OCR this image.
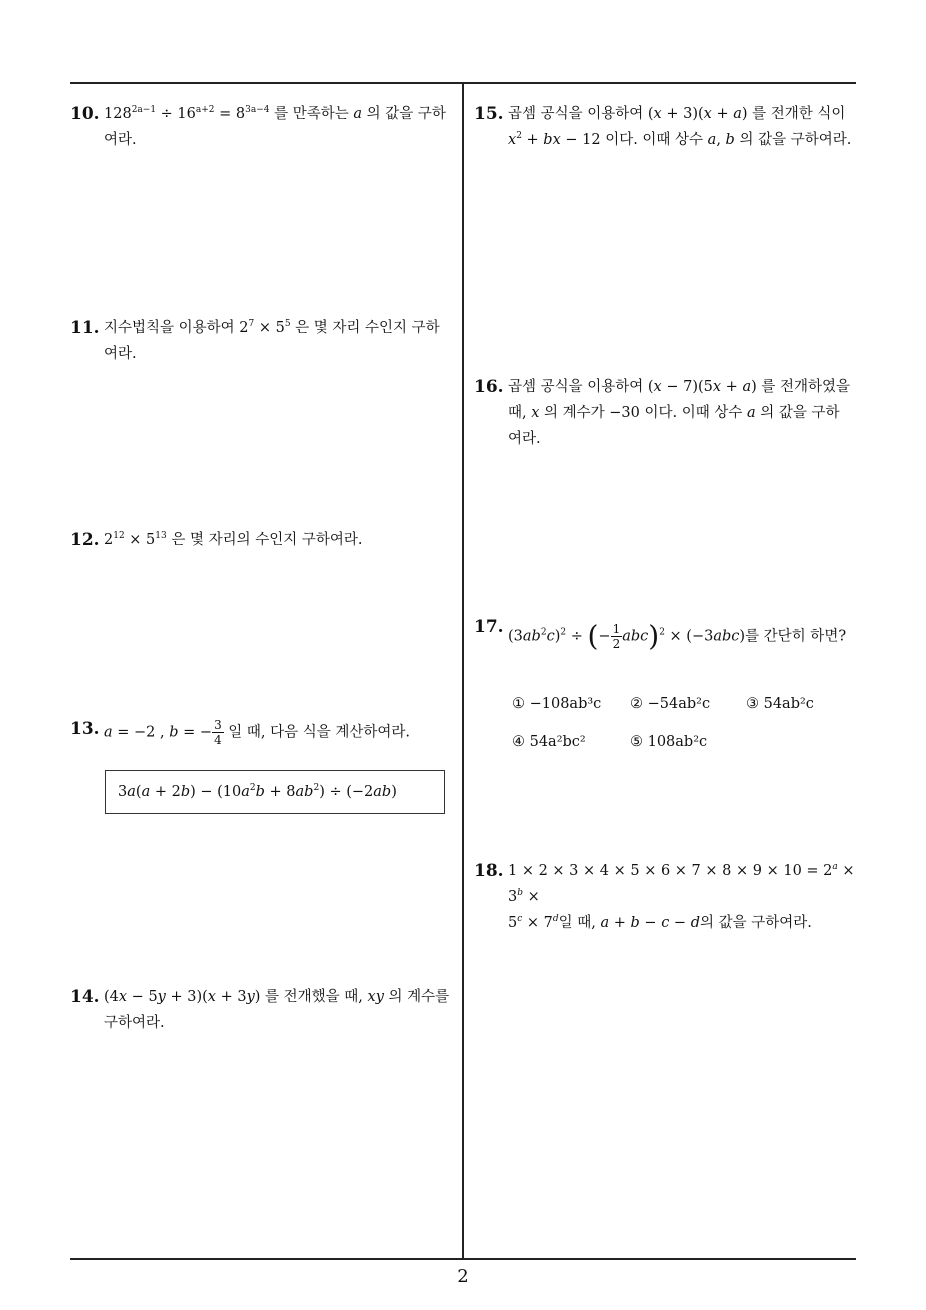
10. $128^{2a-1} \div 16^{a+2} = 8^{3a-4}$ 를 만족하는 a 의 값을 구하
여라.
11. 지수법칙을 이용하여 $2^7 \times 5^5$ 은 몇 자리 수인지 구하
여라.
12. $2^{12} \times 5^{13}$ 은 몇 자리의 수인지 구하여라.
13. a = −2 , b = − $\frac{3}{4}$ 일 때, 다음 식을 계산하여라.
$3a(a + 2b) - (10a^2b + 8ab^2) \div (-2ab)$
14. (4x − 5y + 3)(x + 3y) 를 전개했을 때, xy 의 계수를
구하여라.
15. 곱셈 공식을 이용하여 (x + 3)(x + a) 를 전개한 식이
$x^2$ + bx − 12 이다. 이때 상수 a, b 의 값을 구하여라.
16. 곱셈 공식을 이용하여 (x − 7)(5x + a) 를 전개하였을
때, x 의 계수가 −30 이다. 이때 상수 a 의 값을 구하
여라.
17. $(3ab^2c)^2$ ÷ (− $\frac{1}{2} abc)^2 \times (-3abc)$를 간단히 하면?
① −108ab³c ② −54ab²c ③ 54ab²c
④ 54a²bc²	⑤ 108ab²c
18. $1 \times 2 \times 3 \times 4 \times 5 \times 6 \times 7 \times 8 \times 9 \times 10 = 2^a \times 3^b$ ×
$5^c \times 7^d$일 때, a + b − c − d의 값을 구하여라.
2
